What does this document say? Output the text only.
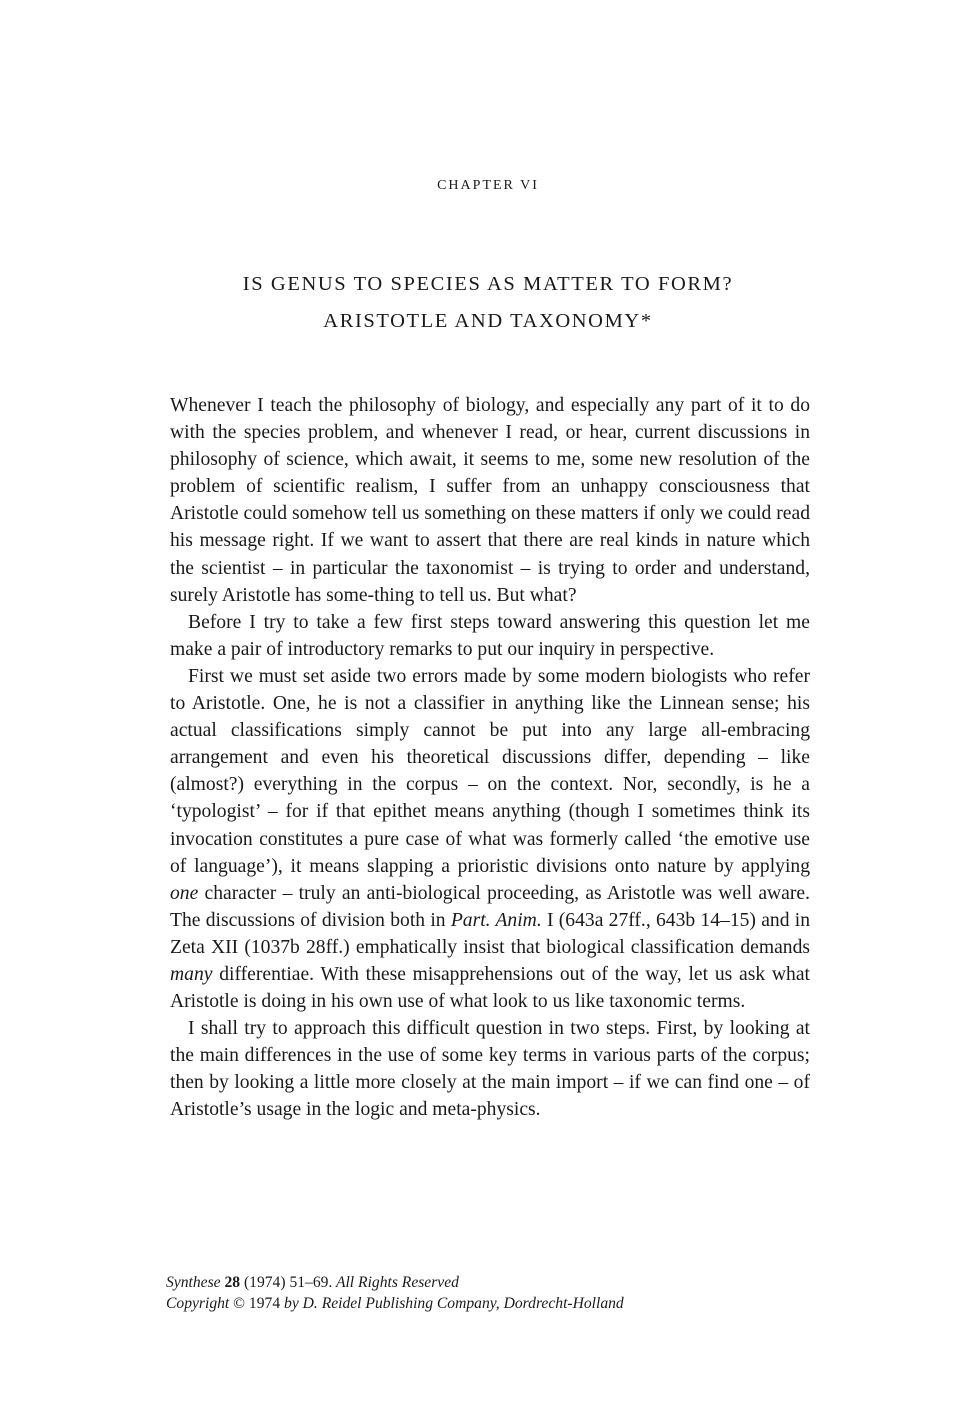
CHAPTER VI
IS GENUS TO SPECIES AS MATTER TO FORM?
ARISTOTLE AND TAXONOMY*

Whenever I teach the philosophy of biology, and especially any part of it to do with the species problem, and whenever I read, or hear, current discussions in philosophy of science, which await, it seems to me, some new resolution of the problem of scientific realism, I suffer from an unhappy consciousness that Aristotle could somehow tell us something on these matters if only we could read his message right. If we want to assert that there are real kinds in nature which the scientist – in particular the taxonomist – is trying to order and understand, surely Aristotle has some-thing to tell us. But what?

Before I try to take a few first steps toward answering this question let me make a pair of introductory remarks to put our inquiry in perspective.

First we must set aside two errors made by some modern biologists who refer to Aristotle. One, he is not a classifier in anything like the Linnean sense; his actual classifications simply cannot be put into any large all-embracing arrangement and even his theoretical discussions differ, depending – like (almost?) everything in the corpus – on the context. Nor, secondly, is he a ‘typologist’ – for if that epithet means anything (though I sometimes think its invocation constitutes a pure case of what was formerly called ‘the emotive use of language’), it means slapping a prioristic divisions onto nature by applying one character – truly an anti-biological proceeding, as Aristotle was well aware. The discussions of division both in Part. Anim. I (643a 27ff., 643b 14–15) and in Zeta XII (1037b 28ff.) emphatically insist that biological classification demands many differentiae. With these misapprehensions out of the way, let us ask what Aristotle is doing in his own use of what look to us like taxonomic terms.

I shall try to approach this difficult question in two steps. First, by looking at the main differences in the use of some key terms in various parts of the corpus; then by looking a little more closely at the main import – if we can find one – of Aristotle’s usage in the logic and meta-physics.

Synthese 28 (1974) 51–69. All Rights Reserved
Copyright © 1974 by D. Reidel Publishing Company, Dordrecht-Holland
